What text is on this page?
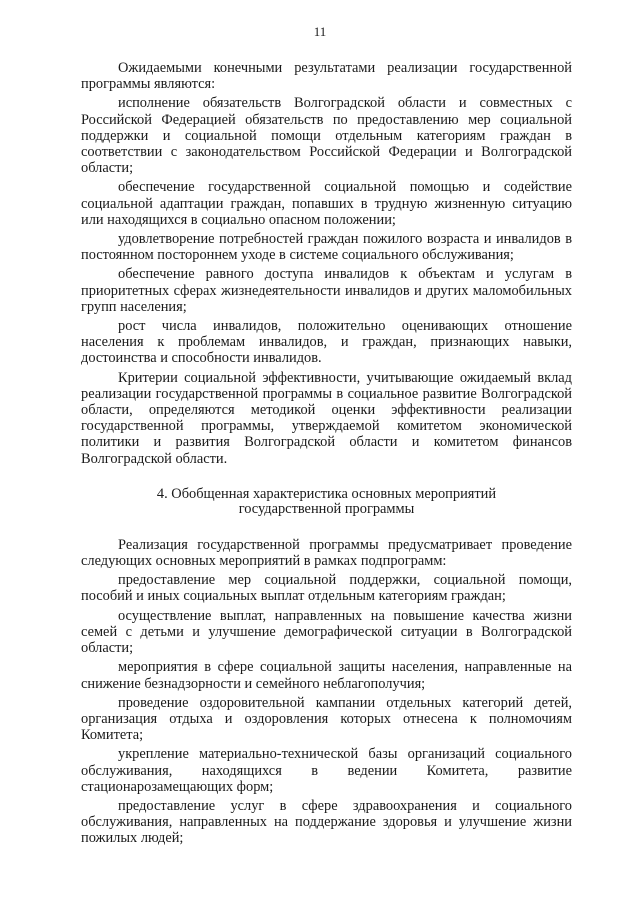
11

Ожидаемыми конечными результатами реализации государственной программы являются:

исполнение обязательств Волгоградской области и совместных с Российской Федерацией обязательств по предоставлению мер социальной поддержки и социальной помощи отдельным категориям граждан в соответствии с законодательством Российской Федерации и Волгоградской области;

обеспечение государственной социальной помощью и содействие социальной адаптации граждан, попавших в трудную жизненную ситуацию или находящихся в социально опасном положении;

удовлетворение потребностей граждан пожилого возраста и инвалидов в постоянном постороннем уходе в системе социального обслуживания;

обеспечение равного доступа инвалидов к объектам и услугам в приоритетных сферах жизнедеятельности инвалидов и других маломобильных групп населения;

рост числа инвалидов, положительно оценивающих отношение населения к проблемам инвалидов, и граждан, признающих навыки, достоинства и способности инвалидов.

Критерии социальной эффективности, учитывающие ожидаемый вклад реализации государственной программы в социальное развитие Волгоградской области, определяются методикой оценки эффективности реализации государственной программы, утверждаемой комитетом экономической политики и развития Волгоградской области и комитетом финансов Волгоградской области.

4. Обобщенная характеристика основных мероприятий
государственной программы

Реализация государственной программы предусматривает проведение следующих основных мероприятий в рамках подпрограмм:

предоставление мер социальной поддержки, социальной помощи, пособий и иных социальных выплат отдельным категориям граждан;

осуществление выплат, направленных на повышение качества жизни семей с детьми и улучшение демографической ситуации в Волгоградской области;

мероприятия в сфере социальной защиты населения, направленные на снижение безнадзорности и семейного неблагополучия;

проведение оздоровительной кампании отдельных категорий детей, организация отдыха и оздоровления которых отнесена к полномочиям Комитета;

укрепление материально-технической базы организаций социального обслуживания, находящихся в ведении Комитета, развитие стационарозамещающих форм;

предоставление услуг в сфере здравоохранения и социального обслуживания, направленных на поддержание здоровья и улучшение жизни пожилых людей;
